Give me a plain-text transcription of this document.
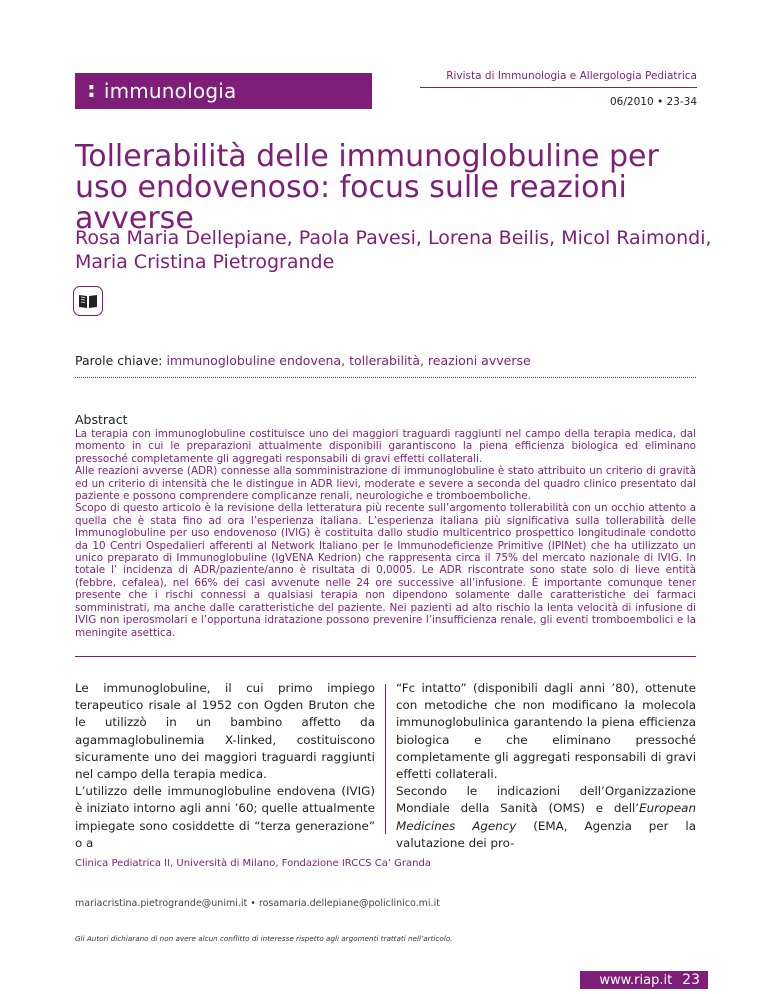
: immunologia
Rivista di Immunologia e Allergologia Pediatrica
06/2010 • 23-34
Tollerabilità delle immunoglobuline per uso endovenoso: focus sulle reazioni avverse

Rosa Maria Dellepiane, Paola Pavesi, Lorena Beilis, Micol Raimondi, Maria Cristina Pietrogrande

Parole chiave: immunoglobuline endovena, tollerabilità, reazioni avverse
Abstract

La terapia con immunoglobuline costituisce uno dei maggiori traguardi raggiunti nel campo della terapia medica, dal momento in cui le preparazioni attualmente disponibili garantiscono la piena efficienza biologica ed eliminano pressoché completamente gli aggregati responsabili di gravi effetti collaterali.

Alle reazioni avverse (ADR) connesse alla somministrazione di immunoglobuline è stato attribuito un criterio di gravità ed un criterio di intensità che le distingue in ADR lievi, moderate e severe a seconda del quadro clinico presentato dal paziente e possono comprendere complicanze renali, neurologiche e tromboemboliche.

Scopo di questo articolo è la revisione della letteratura più recente sull’argomento tollerabilità con un occhio attento a quella che è stata fino ad ora l’esperienza italiana. L’esperienza italiana più significativa sulla tollerabilità delle Immunoglobuline per uso endovenoso (IVIG) è costituita dallo studio multicentrico prospettico longitudinale condotto da 10 Centri Ospedalieri afferenti al Network Italiano per le Immunodeficienze Primitive (IPINet) che ha utilizzato un unico preparato di Immunoglobuline (IgVENA Kedrion) che rappresenta circa il 75% del mercato nazionale di IVIG. In totale l’ incidenza di ADR/paziente/anno è risultata di 0,0005. Le ADR riscontrate sono state solo di lieve entità (febbre, cefalea), nel 66% dei casi avvenute nelle 24 ore successive all’infusione. È importante comunque tener presente che i rischi connessi a qualsiasi terapia non dipendono solamente dalle caratteristiche dei farmaci somministrati, ma anche dalle caratteristiche del paziente. Nei pazienti ad alto rischio la lenta velocità di infusione di IVIG non iperosmolari e l’opportuna idratazione possono prevenire l’insufficienza renale, gli eventi tromboembolici e la meningite asettica.

Le immunoglobuline, il cui primo impiego terapeutico risale al 1952 con Ogden Bruton che le utilizzò in un bambino affetto da agammaglobulinemia X-linked, costituiscono sicuramente uno dei maggiori traguardi raggiunti nel campo della terapia medica.

L’utilizzo delle immunoglobuline endovena (IVIG) è iniziato intorno agli anni ’60; quelle attualmente impiegate sono cosiddette di “terza generazione” o a

“Fc intatto” (disponibili dagli anni ’80), ottenute con metodiche che non modificano la molecola immunoglobulinica garantendo la piena efficienza biologica e che eliminano pressoché completamente gli aggregati responsabili di gravi effetti collaterali.

Secondo le indicazioni dell’Organizzazione Mondiale della Sanità (OMS) e dell’European Medicines Agency (EMA, Agenzia per la valutazione dei pro-

Clinica Pediatrica II, Università di Milano, Fondazione IRCCS Ca’ Granda
mariacristina.pietrogrande@unimi.it • rosamaria.dellepiane@policlinico.mi.it
Gli Autori dichiarano di non avere alcun conflitto di interesse rispetto agli argomenti trattati nell’articolo.
www.riap.it 23
